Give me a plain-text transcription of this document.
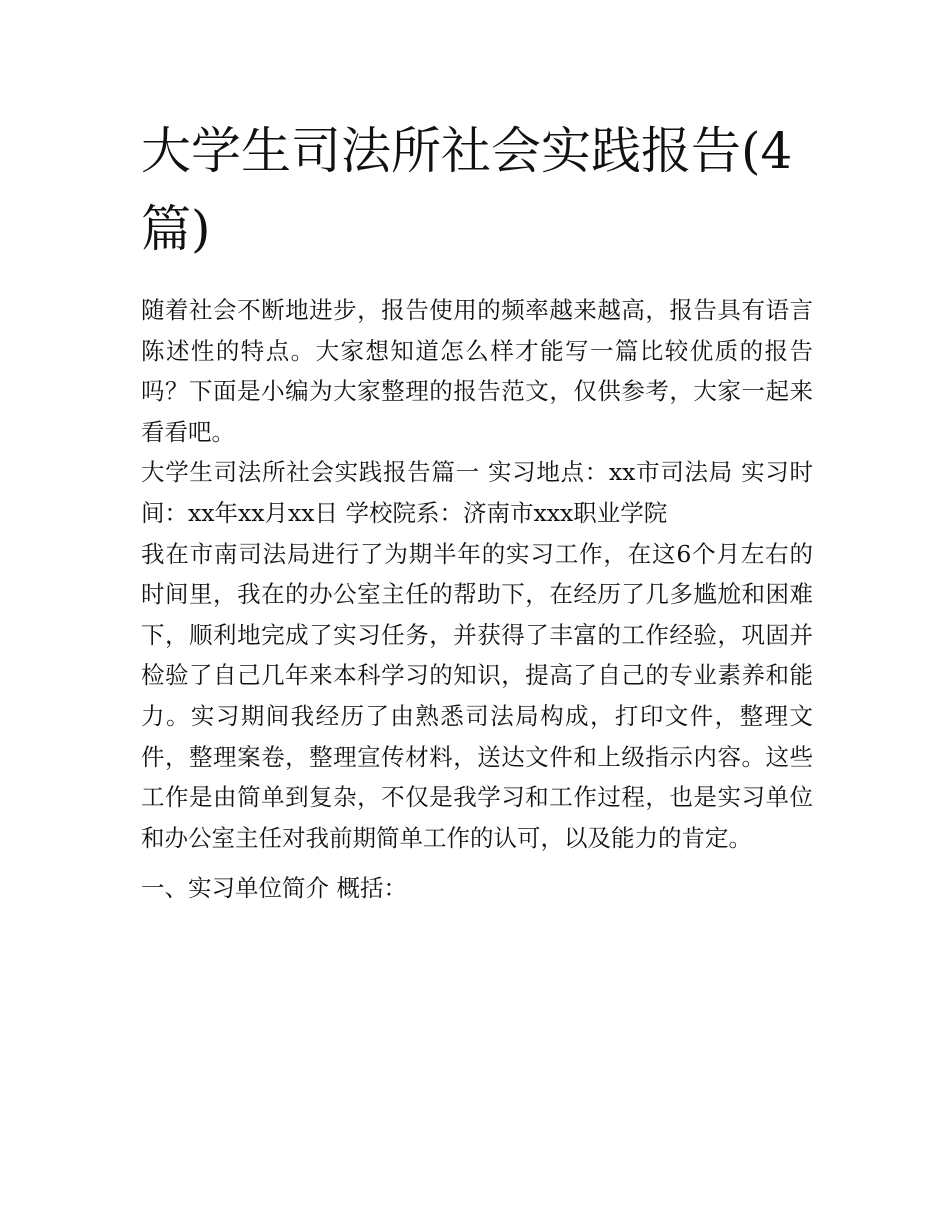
大学生司法所社会实践报告(4篇)

随着社会不断地进步，报告使用的频率越来越高，报告具有语言陈述性的特点。大家想知道怎么样才能写一篇比较优质的报告吗？下面是小编为大家整理的报告范文，仅供参考，大家一起来看看吧。

大学生司法所社会实践报告篇一 实习地点：xx市司法局 实习时间：xx年xx月xx日 学校院系：济南市xxx职业学院

我在市南司法局进行了为期半年的实习工作，在这6个月左右的时间里，我在的办公室主任的帮助下，在经历了几多尴尬和困难下，顺利地完成了实习任务，并获得了丰富的工作经验，巩固并检验了自己几年来本科学习的知识，提高了自己的专业素养和能力。实习期间我经历了由熟悉司法局构成，打印文件，整理文件，整理案卷，整理宣传材料，送达文件和上级指示内容。这些工作是由简单到复杂，不仅是我学习和工作过程，也是实习单位和办公室主任对我前期简单工作的认可，以及能力的肯定。

一、实习单位简介 概括：
